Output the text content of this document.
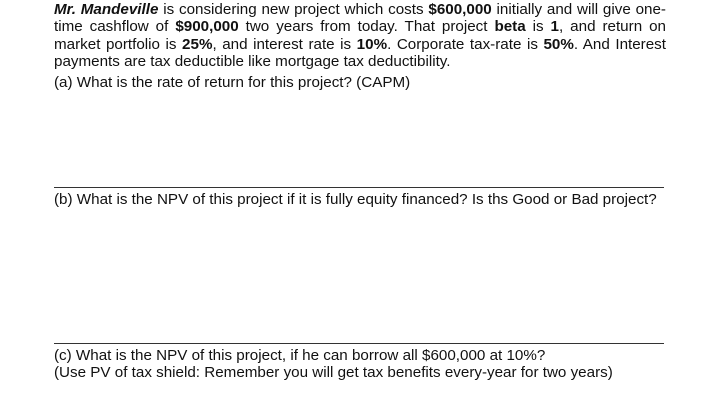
Mr. Mandeville is considering new project which costs $600,000 initially and will give one-
time cashflow of $900,000 two years from today. That project beta is 1, and return on
market portfolio is 25%, and interest rate is 10%. Corporate tax-rate is 50%. And Interest
payments are tax deductible like mortgage tax deductibility.
(a) What is the rate of return for this project? (CAPM)
(b) What is the NPV of this project if it is fully equity financed? Is ths Good or Bad project?
(c) What is the NPV of this project, if he can borrow all $600,000 at 10%?
(Use PV of tax shield: Remember you will get tax benefits every-year for two years)
